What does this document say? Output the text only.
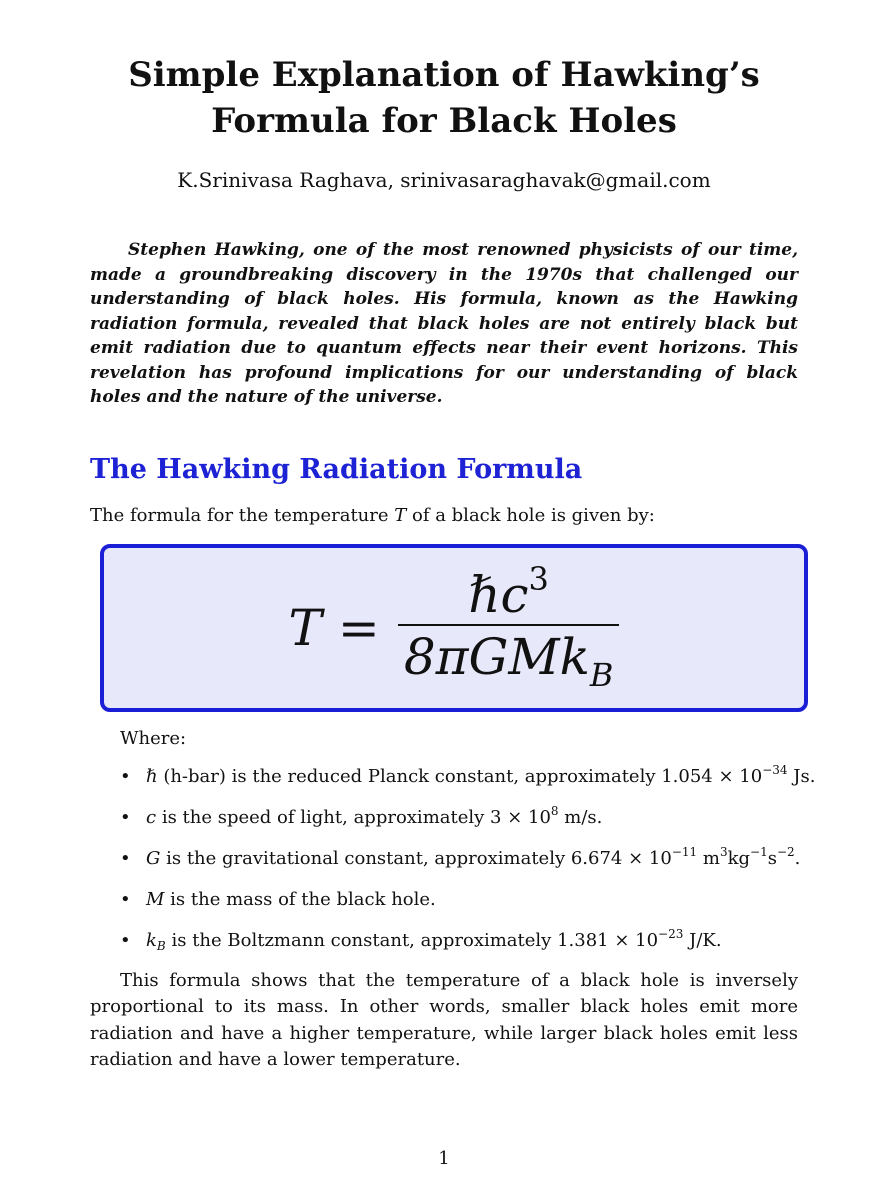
Simple Explanation of Hawking’s
Formula for Black Holes
K.Srinivasa Raghava, srinivasaraghavak@gmail.com

Stephen Hawking, one of the most renowned physicists of our time, made a groundbreaking discovery in the 1970s that challenged our understanding of black holes. His formula, known as the Hawking radiation formula, revealed that black holes are not entirely black but emit radiation due to quantum effects near their event horizons. This revelation has profound implications for our understanding of black holes and the nature of the universe.

The Hawking Radiation Formula
The formula for the temperature T of a black hole is given by:
$T = \frac{\hbar c^3}{8\pi GMk_B}$
Where:
• ℏ (h-bar) is the reduced Planck constant, approximately $1.054 \times 10^{-34}$ Js.
• c is the speed of light, approximately $3 \times 10^8$ m/s.
• G is the gravitational constant, approximately $6.674 \times 10^{-11}$ $m^3kg^{-1}s^{-2}$.
• M is the mass of the black hole.
• $k_B$ is the Boltzmann constant, approximately $1.381 \times 10^{-23}$ J/K.

This formula shows that the temperature of a black hole is inversely proportional to its mass. In other words, smaller black holes emit more radiation and have a higher temperature, while larger black holes emit less radiation and have a lower temperature.

1
